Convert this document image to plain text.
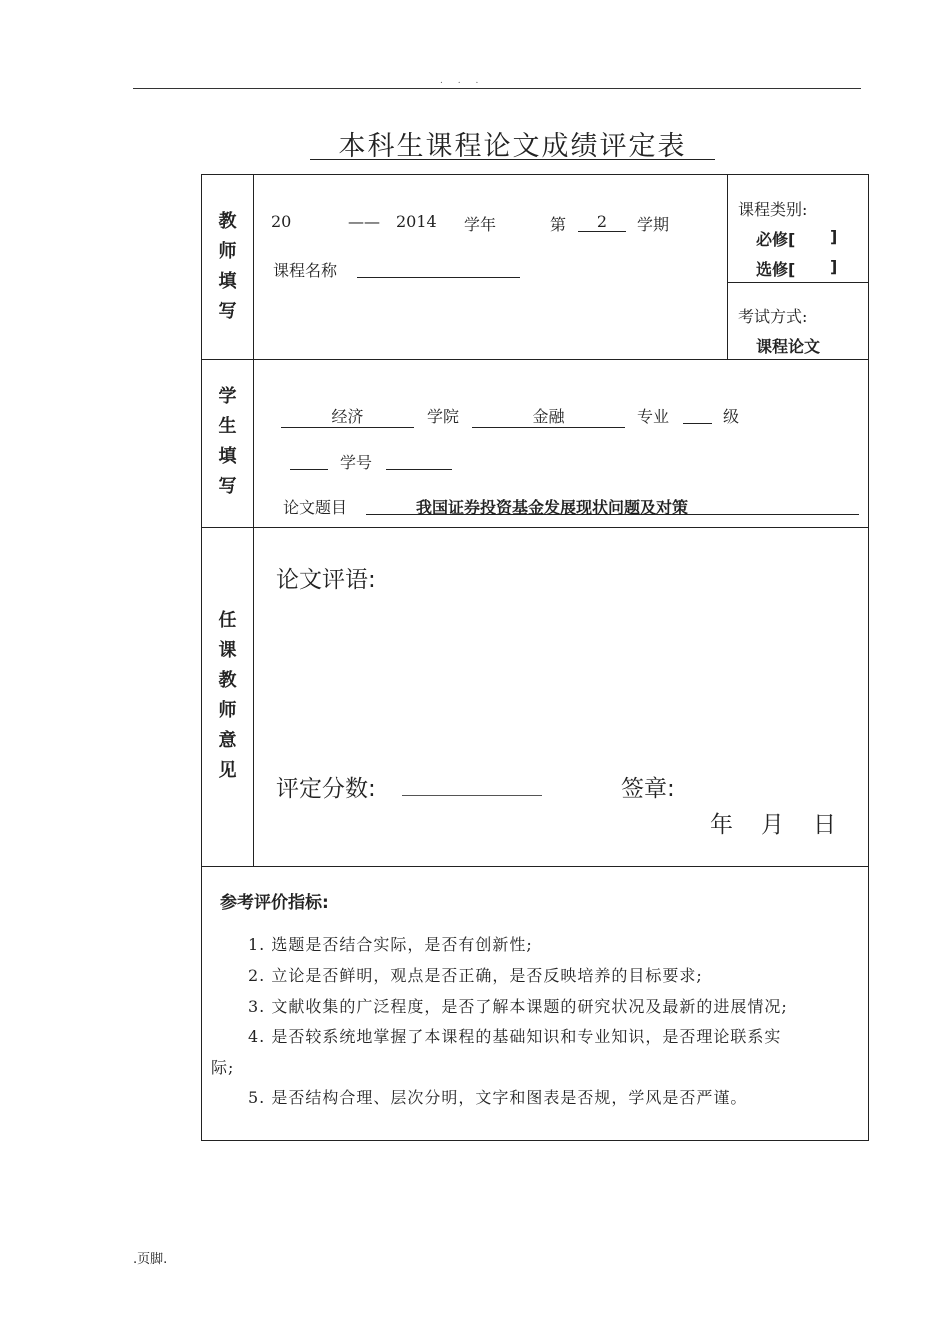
. . .
本科生课程论文成绩评定表
教
师
填
写
20	—— 2014 学年	第	2	学期
课程名称
课程类别:
必修[ ]
选修[ ]
考试方式:
课程论文
学
生
填
写
经济	学院	金融	专业	级
学号
论文题目	我国证券投资基金发展现状问题及对策
任
课
教
师
意
见
论文评语:
评定分数:	签章:
年 月 日
参考评价指标:
1. 选题是否结合实际，是否有创新性;
2. 立论是否鲜明，观点是否正确，是否反映培养的目标要求;
3. 文献收集的广泛程度，是否了解本课题的研究状况及最新的进展情况;
4. 是否较系统地掌握了本课程的基础知识和专业知识，是否理论联系实
际;
5. 是否结构合理、层次分明，文字和图表是否规，学风是否严谨。
.页脚.
